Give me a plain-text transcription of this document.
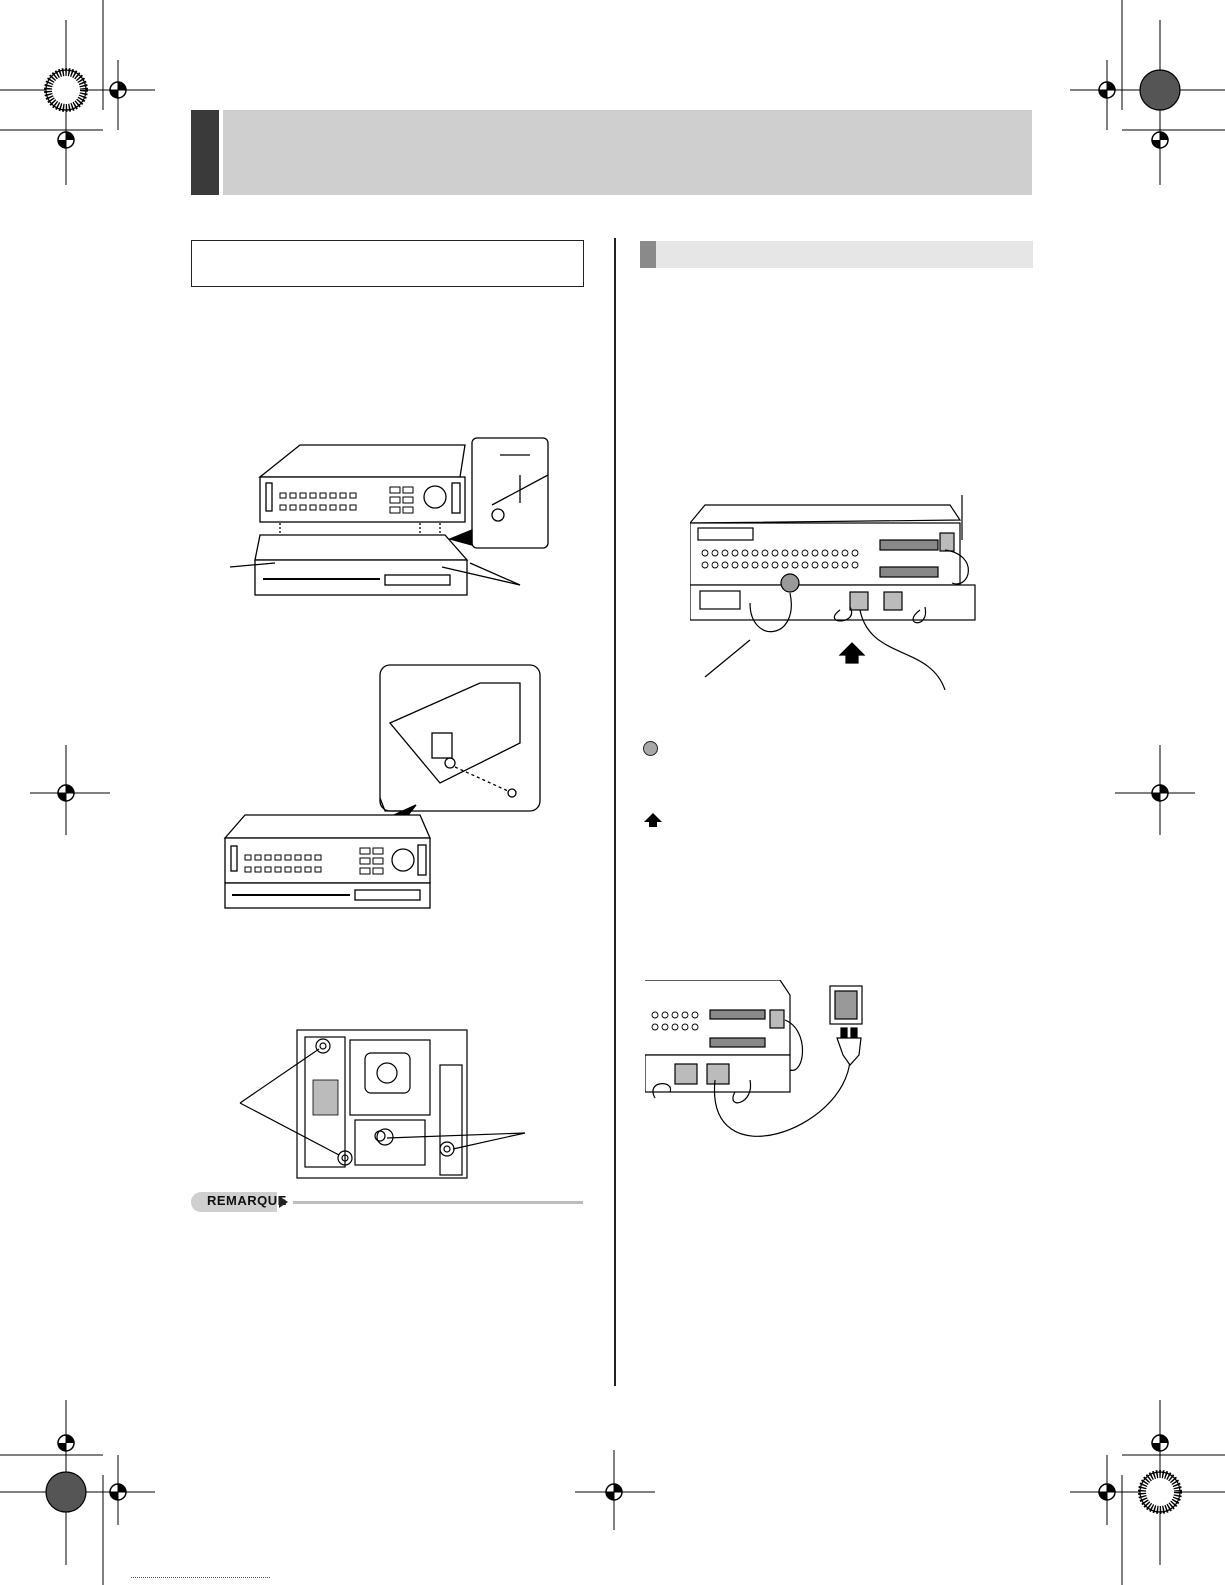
REMARQUE
